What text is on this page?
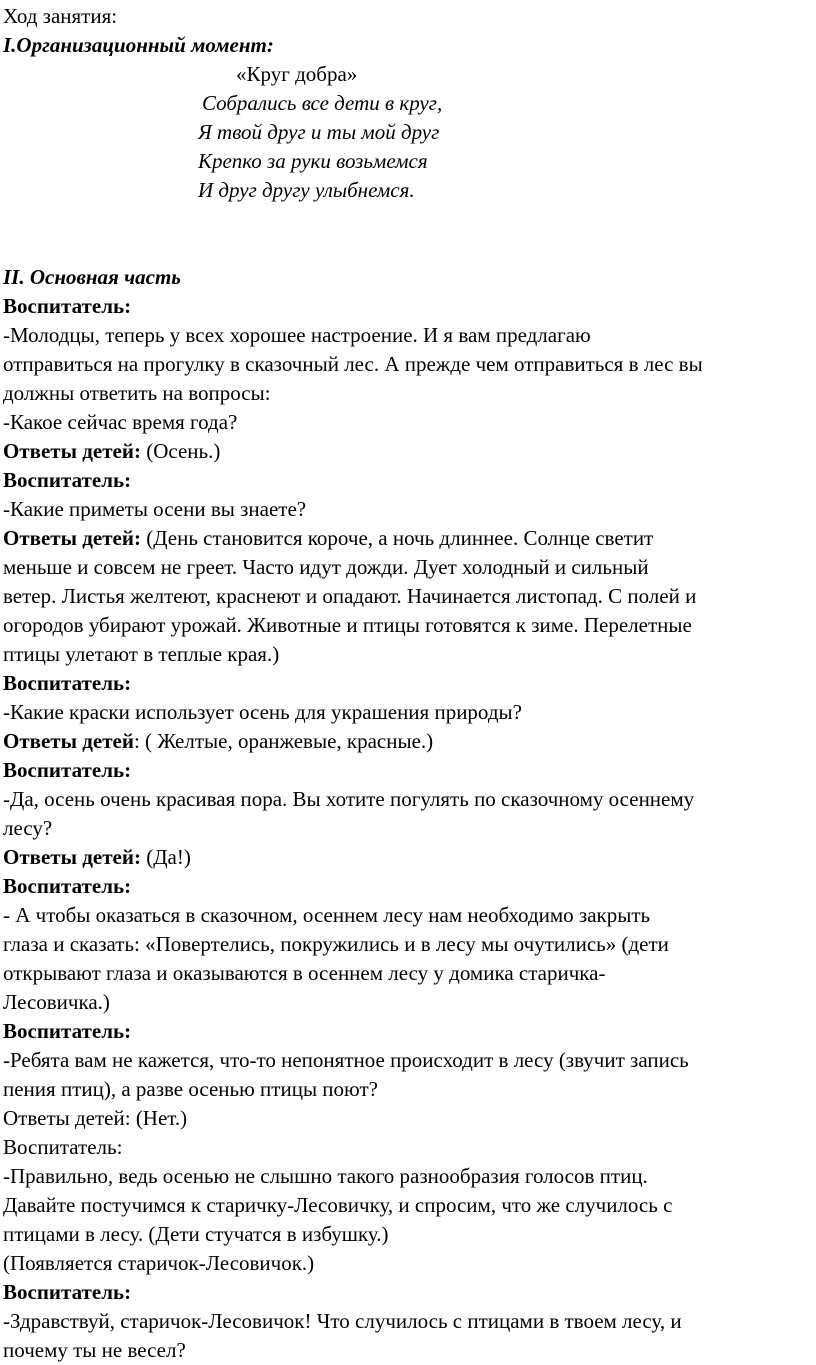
Ход занятия:
I.Организационный момент:
«Круг добра»
Собрались все дети в круг,
Я твой друг и ты мой друг
Крепко за руки возьмемся
И друг другу улыбнемся.
II. Основная часть
Воспитатель:
-Молодцы, теперь у всех хорошее настроение. И я вам предлагаю
отправиться на прогулку в сказочный лес. А прежде чем отправиться в лес вы
должны ответить на вопросы:
-Какое сейчас время года?
Ответы детей: (Осень.)
Воспитатель:
-Какие приметы осени вы знаете?
Ответы детей: (День становится короче, а ночь длиннее. Солнце светит
меньше и совсем не греет. Часто идут дожди. Дует холодный и сильный
ветер. Листья желтеют, краснеют и опадают. Начинается листопад. С полей и
огородов убирают урожай. Животные и птицы готовятся к зиме. Перелетные
птицы улетают в теплые края.)
Воспитатель:
-Какие краски использует осень для украшения природы?
Ответы детей: ( Желтые, оранжевые, красные.)
Воспитатель:
-Да, осень очень красивая пора. Вы хотите погулять по сказочному осеннему
лесу?
Ответы детей: (Да!)
Воспитатель:
- А чтобы оказаться в сказочном, осеннем лесу нам необходимо закрыть
глаза и сказать: «Повертелись, покружились и в лесу мы очутились» (дети
открывают глаза и оказываются в осеннем лесу у домика старичка-
Лесовичка.)
Воспитатель:
-Ребята вам не кажется, что-то непонятное происходит в лесу (звучит запись
пения птиц), а разве осенью птицы поют?
Ответы детей: (Нет.)
Воспитатель:
-Правильно, ведь осенью не слышно такого разнообразия голосов птиц.
Давайте постучимся к старичку-Лесовичку, и спросим, что же случилось с
птицами в лесу. (Дети стучатся в избушку.)
(Появляется старичок-Лесовичок.)
Воспитатель:
-Здравствуй, старичок-Лесовичок! Что случилось с птицами в твоем лесу, и
почему ты не весел?
